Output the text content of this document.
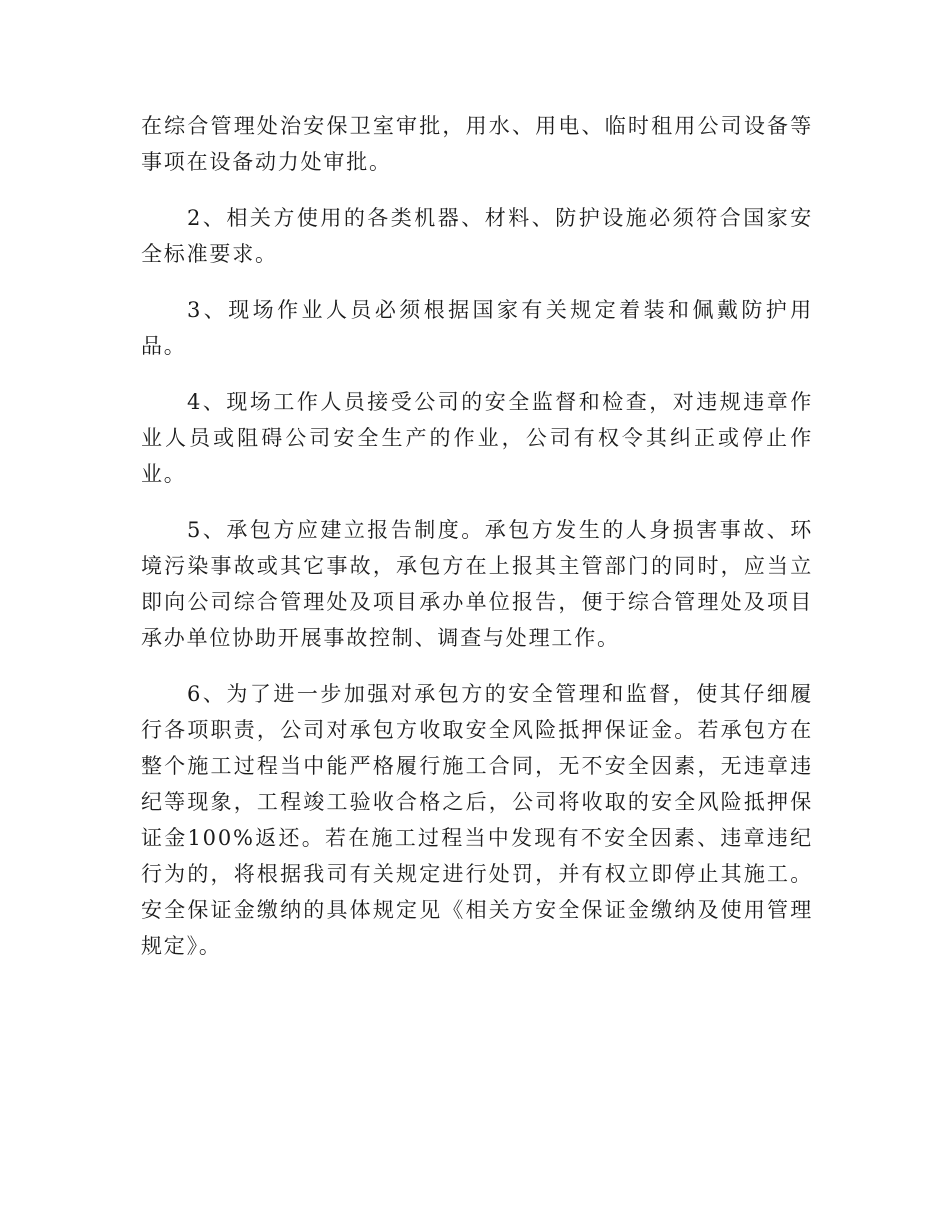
在综合管理处治安保卫室审批，用水、用电、临时租用公司设备等事项在设备动力处审批。

2、相关方使用的各类机器、材料、防护设施必须符合国家安全标准要求。

3、现场作业人员必须根据国家有关规定着装和佩戴防护用品。

4、现场工作人员接受公司的安全监督和检查，对违规违章作业人员或阻碍公司安全生产的作业，公司有权令其纠正或停止作业。

5、承包方应建立报告制度。承包方发生的人身损害事故、环境污染事故或其它事故，承包方在上报其主管部门的同时，应当立即向公司综合管理处及项目承办单位报告，便于综合管理处及项目承办单位协助开展事故控制、调查与处理工作。

6、为了进一步加强对承包方的安全管理和监督，使其仔细履行各项职责，公司对承包方收取安全风险抵押保证金。若承包方在整个施工过程当中能严格履行施工合同，无不安全因素，无违章违纪等现象，工程竣工验收合格之后，公司将收取的安全风险抵押保证金100%返还。若在施工过程当中发现有不安全因素、违章违纪行为的，将根据我司有关规定进行处罚，并有权立即停止其施工。安全保证金缴纳的具体规定见《相关方安全保证金缴纳及使用管理规定》。
